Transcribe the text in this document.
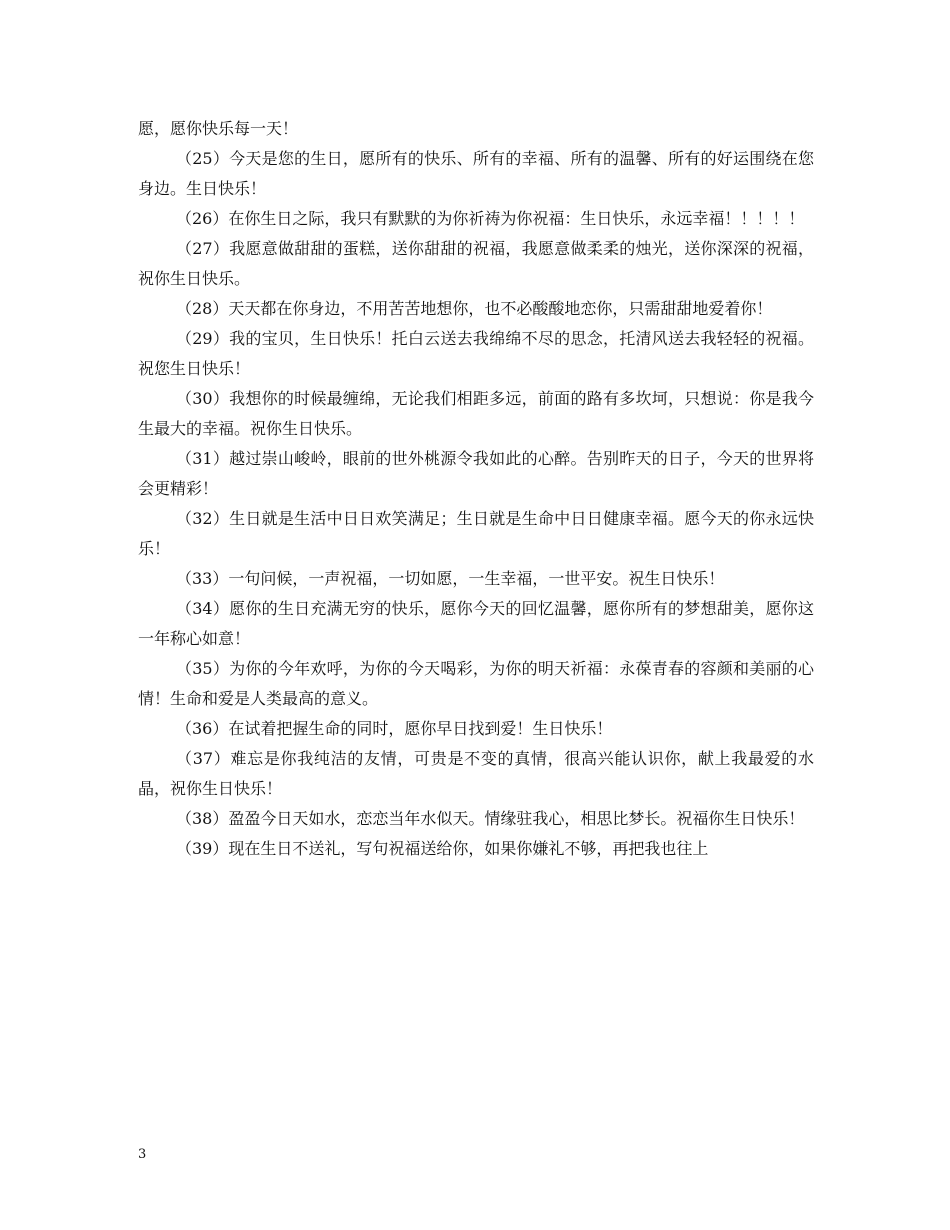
愿，愿你快乐每一天！

（25）今天是您的生日，愿所有的快乐、所有的幸福、所有的温馨、所有的好运围绕在您身边。生日快乐！

（26）在你生日之际，我只有默默的为你祈祷为你祝福：生日快乐，永远幸福！！！！！

（27）我愿意做甜甜的蛋糕，送你甜甜的祝福，我愿意做柔柔的烛光，送你深深的祝福，祝你生日快乐。

（28）天天都在你身边，不用苦苦地想你，也不必酸酸地恋你，只需甜甜地爱着你！

（29）我的宝贝，生日快乐！托白云送去我绵绵不尽的思念，托清风送去我轻轻的祝福。祝您生日快乐！

（30）我想你的时候最缠绵，无论我们相距多远，前面的路有多坎坷，只想说：你是我今生最大的幸福。祝你生日快乐。

（31）越过崇山峻岭，眼前的世外桃源令我如此的心醉。告别昨天的日子，今天的世界将会更精彩！

（32）生日就是生活中日日欢笑满足；生日就是生命中日日健康幸福。愿今天的你永远快乐！

（33）一句问候，一声祝福，一切如愿，一生幸福，一世平安。祝生日快乐！

（34）愿你的生日充满无穷的快乐，愿你今天的回忆温馨，愿你所有的梦想甜美，愿你这一年称心如意！

（35）为你的今年欢呼，为你的今天喝彩，为你的明天祈福：永葆青春的容颜和美丽的心情！生命和爱是人类最高的意义。

（36）在试着把握生命的同时，愿你早日找到爱！生日快乐！

（37）难忘是你我纯洁的友情，可贵是不变的真情，很高兴能认识你，献上我最爱的水晶，祝你生日快乐！

（38）盈盈今日天如水，恋恋当年水似天。情缘驻我心，相思比梦长。祝福你生日快乐！

（39）现在生日不送礼，写句祝福送给你，如果你嫌礼不够，再把我也往上

3
